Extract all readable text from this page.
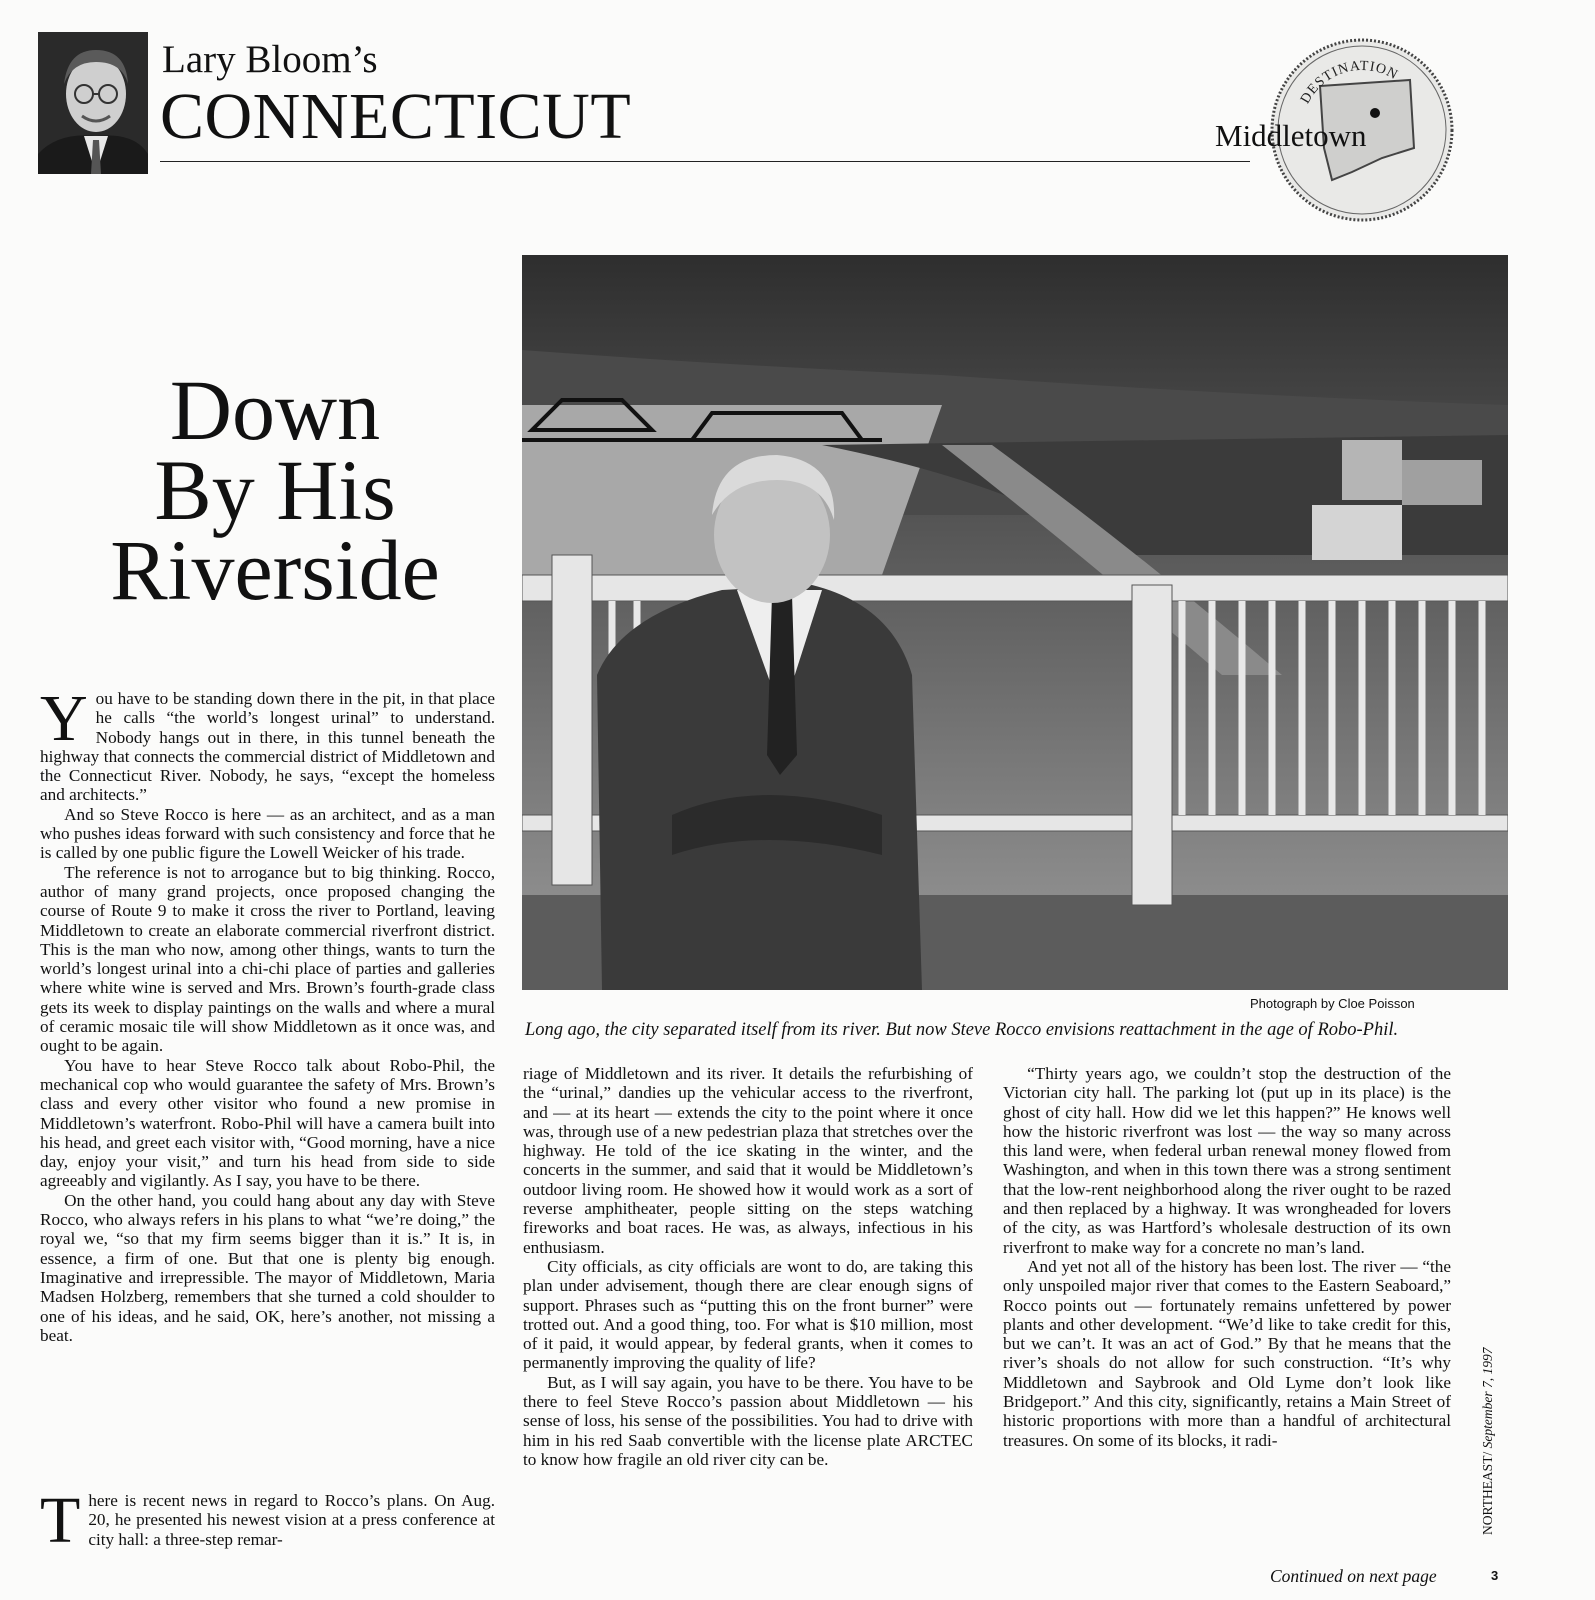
Lary Bloom’s
CONNECTICUT	DESTINATION
Middletown
Down
By His
Riverside
Photograph by Cloe Poisson
Long ago, the city separated itself from its river. But now Steve Rocco envisions reattachment in the age of Robo-Phil.

You have to be standing down there in the pit, in that place he calls “the world’s longest urinal” to understand. Nobody hangs out in there, in this tunnel beneath the highway that connects the commercial district of Middletown and the Connecticut River. Nobody, he says, “except the homeless and architects.”

And so Steve Rocco is here — as an architect, and as a man who pushes ideas forward with such consistency and force that he is called by one public figure the Lowell Weicker of his trade.

The reference is not to arrogance but to big thinking. Rocco, author of many grand projects, once proposed changing the course of Route 9 to make it cross the river to Portland, leaving Middletown to create an elaborate commercial riverfront district. This is the man who now, among other things, wants to turn the world’s longest urinal into a chi-chi place of parties and galleries where white wine is served and Mrs. Brown’s fourth-grade class gets its week to display paintings on the walls and where a mural of ceramic mosaic tile will show Middletown as it once was, and ought to be again.

You have to hear Steve Rocco talk about Robo-Phil, the mechanical cop who would guarantee the safety of Mrs. Brown’s class and every other visitor who found a new promise in Middletown’s waterfront. Robo-Phil will have a camera built into his head, and greet each visitor with, “Good morning, have a nice day, enjoy your visit,” and turn his head from side to side agreeably and vigilantly. As I say, you have to be there.

On the other hand, you could hang about any day with Steve Rocco, who always refers in his plans to what “we’re doing,” the royal we, “so that my firm seems bigger than it is.” It is, in essence, a firm of one. But that one is plenty big enough. Imaginative and irrepressible. The mayor of Middletown, Maria Madsen Holzberg, remembers that she turned a cold shoulder to one of his ideas, and he said, OK, here’s another, not missing a beat.

There is recent news in regard to Rocco’s plans. On Aug. 20, he presented his newest vision at a press conference at city hall: a three-step remar-

riage of Middletown and its river. It details the refurbishing of the “urinal,” dandies up the vehicular access to the riverfront, and — at its heart — extends the city to the point where it once was, through use of a new pedestrian plaza that stretches over the highway. He told of the ice skating in the winter, and the concerts in the summer, and said that it would be Middletown’s outdoor living room. He showed how it would work as a sort of reverse amphitheater, people sitting on the steps watching fireworks and boat races. He was, as always, infectious in his enthusiasm.

City officials, as city officials are wont to do, are taking this plan under advisement, though there are clear enough signs of support. Phrases such as “putting this on the front burner” were trotted out. And a good thing, too. For what is $10 million, most of it paid, it would appear, by federal grants, when it comes to permanently improving the quality of life?

But, as I will say again, you have to be there. You have to be there to feel Steve Rocco’s passion about Middletown — his sense of loss, his sense of the possibilities. You had to drive with him in his red Saab convertible with the license plate ARCTEC to know how fragile an old river city can be.

“Thirty years ago, we couldn’t stop the destruction of the Victorian city hall. The parking lot (put up in its place) is the ghost of city hall. How did we let this happen?” He knows well how the historic riverfront was lost — the way so many across this land were, when federal urban renewal money flowed from Washington, and when in this town there was a strong sentiment that the low-rent neighborhood along the river ought to be razed and then replaced by a highway. It was wrongheaded for lovers of the city, as was Hartford’s wholesale destruction of its own riverfront to make way for a concrete no man’s land.

And yet not all of the history has been lost. The river — “the only unspoiled major river that comes to the Eastern Seaboard,” Rocco points out — fortunately remains unfettered by power plants and other development. “We’d like to take credit for this, but we can’t. It was an act of God.” By that he means that the river’s shoals do not allow for such construction. “It’s why Middletown and Saybrook and Old Lyme don’t look like Bridgeport.” And this city, significantly, retains a Main Street of historic proportions with more than a handful of architectural treasures. On some of its blocks, it radi-

Continued on next page
NORTHEAST/ September 7, 1997
3
